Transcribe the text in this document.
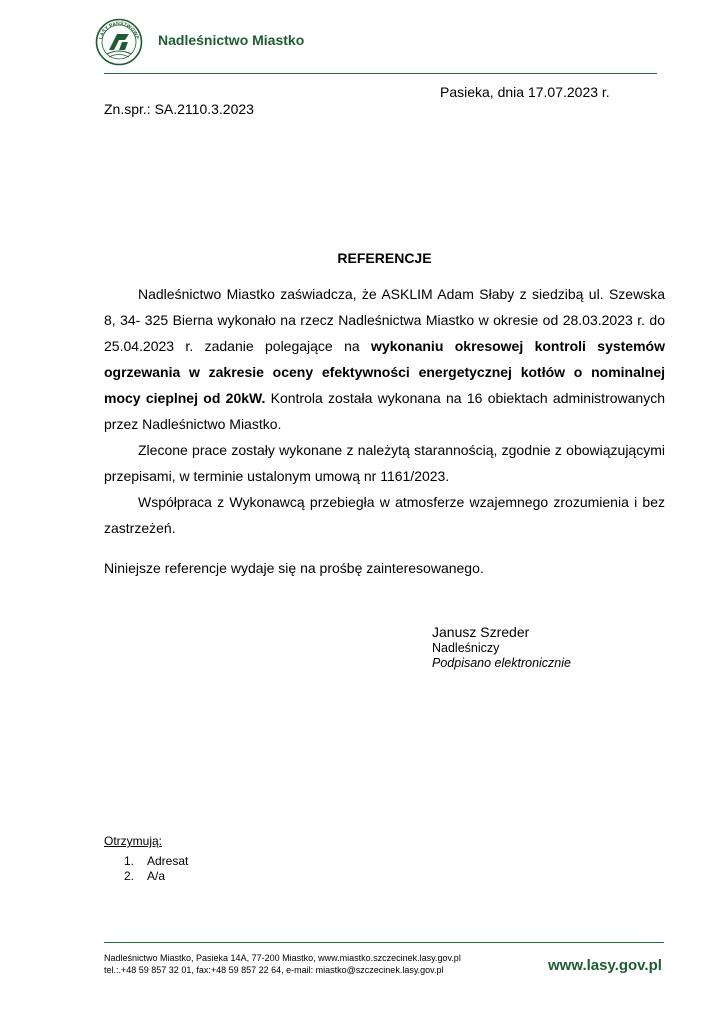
LASY PAŃSTWOWE Nadleśnictwo Miastko
Pasieka, dnia 17.07.2023 r.
Zn.spr.: SA.2110.3.2023
REFERENCJE

Nadleśnictwo Miastko zaświadcza, że ASKLIM Adam Słaby z siedzibą ul. Szewska 8, 34- 325 Bierna wykonało na rzecz Nadleśnictwa Miastko w okresie od 28.03.2023 r. do 25.04.2023 r. zadanie polegające na wykonaniu okresowej kontroli systemów ogrzewania w zakresie oceny efektywności energetycznej kotłów o nominalnej mocy cieplnej od 20kW. Kontrola została wykonana na 16 obiektach administrowanych przez Nadleśnictwo Miastko.

Zlecone prace zostały wykonane z należytą starannością, zgodnie z obowiązującymi przepisami, w terminie ustalonym umową nr 1161/2023.

Współpraca z Wykonawcą przebiegła w atmosferze wzajemnego zrozumienia i bez zastrzeżeń.

Niniejsze referencje wydaje się na prośbę zainteresowanego.
Janusz Szreder
Nadleśniczy
Podpisano elektronicznie
Otrzymują:
1. Adresat
2. A/a
Nadleśnictwo Miastko, Pasieka 14A, 77-200 Miastko, www.miastko.szczecinek.lasy.gov.pl
tel.:.+48 59 857 32 01, fax:+48 59 857 22 64, e-mail: miastko@szczecinek.lasy.gov.pl	www.lasy.gov.pl
